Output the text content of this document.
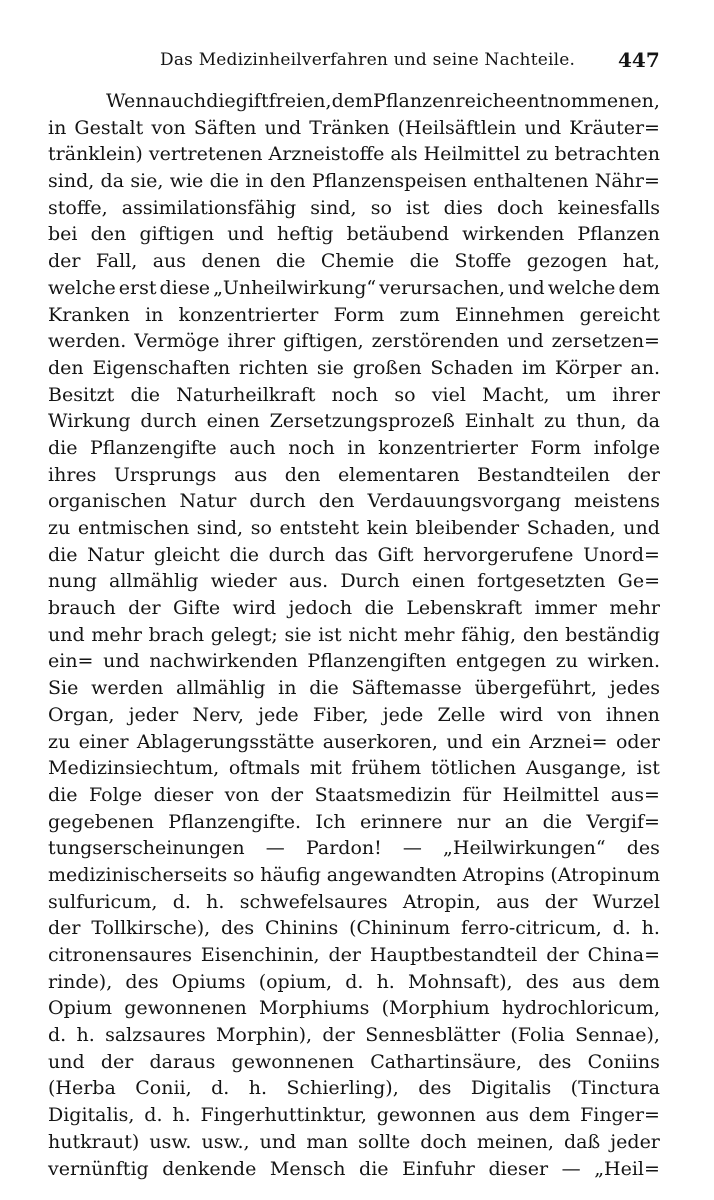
Das Medizinheilverfahren und seine Nachteile. 447
Wenn auch die giftfreien, dem Pflanzenreiche entnommenen,
in Gestalt von Säften und Tränken (Heilsäftlein und Kräuter=
tränklein) vertretenen Arzneistoffe als Heilmittel zu betrachten
sind, da sie, wie die in den Pflanzenspeisen enthaltenen Nähr=
stoffe, assimilationsfähig sind, so ist dies doch keinesfalls
bei den giftigen und heftig betäubend wirkenden Pflanzen
der Fall, aus denen die Chemie die Stoffe gezogen hat,
welche erst diese „Unheilwirkung“ verursachen, und welche dem
Kranken in konzentrierter Form zum Einnehmen gereicht
werden. Vermöge ihrer giftigen, zerstörenden und zersetzen=
den Eigenschaften richten sie großen Schaden im Körper an.
Besitzt die Naturheilkraft noch so viel Macht, um ihrer
Wirkung durch einen Zersetzungsprozeß Einhalt zu thun, da
die Pflanzengifte auch noch in konzentrierter Form infolge
ihres Ursprungs aus den elementaren Bestandteilen der
organischen Natur durch den Verdauungsvorgang meistens
zu entmischen sind, so entsteht kein bleibender Schaden, und
die Natur gleicht die durch das Gift hervorgerufene Unord=
nung allmählig wieder aus. Durch einen fortgesetzten Ge=
brauch der Gifte wird jedoch die Lebenskraft immer mehr
und mehr brach gelegt; sie ist nicht mehr fähig, den beständig
ein= und nachwirkenden Pflanzengiften entgegen zu wirken.
Sie werden allmählig in die Säftemasse übergeführt, jedes
Organ, jeder Nerv, jede Fiber, jede Zelle wird von ihnen
zu einer Ablagerungsstätte auserkoren, und ein Arznei= oder
Medizinsiechtum, oftmals mit frühem tötlichen Ausgange, ist
die Folge dieser von der Staatsmedizin für Heilmittel aus=
gegebenen Pflanzengifte. Ich erinnere nur an die Vergif=
tungserscheinungen — Pardon! — „Heilwirkungen“ des
medizinischerseits so häufig angewandten Atropins (Atropinum
sulfuricum, d. h. schwefelsaures Atropin, aus der Wurzel
der Tollkirsche), des Chinins (Chininum ferro-citricum, d. h.
citronensaures Eisenchinin, der Hauptbestandteil der China=
rinde), des Opiums (opium, d. h. Mohnsaft), des aus dem
Opium gewonnenen Morphiums (Morphium hydrochloricum,
d. h. salzsaures Morphin), der Sennesblätter (Folia Sennae),
und der daraus gewonnenen Cathartinsäure, des Coniins
(Herba Conii, d. h. Schierling), des Digitalis (Tinctura
Digitalis, d. h. Fingerhuttinktur, gewonnen aus dem Finger=
hutkraut) usw. usw., und man sollte doch meinen, daß jeder
vernünftig denkende Mensch die Einfuhr dieser — „Heil=
